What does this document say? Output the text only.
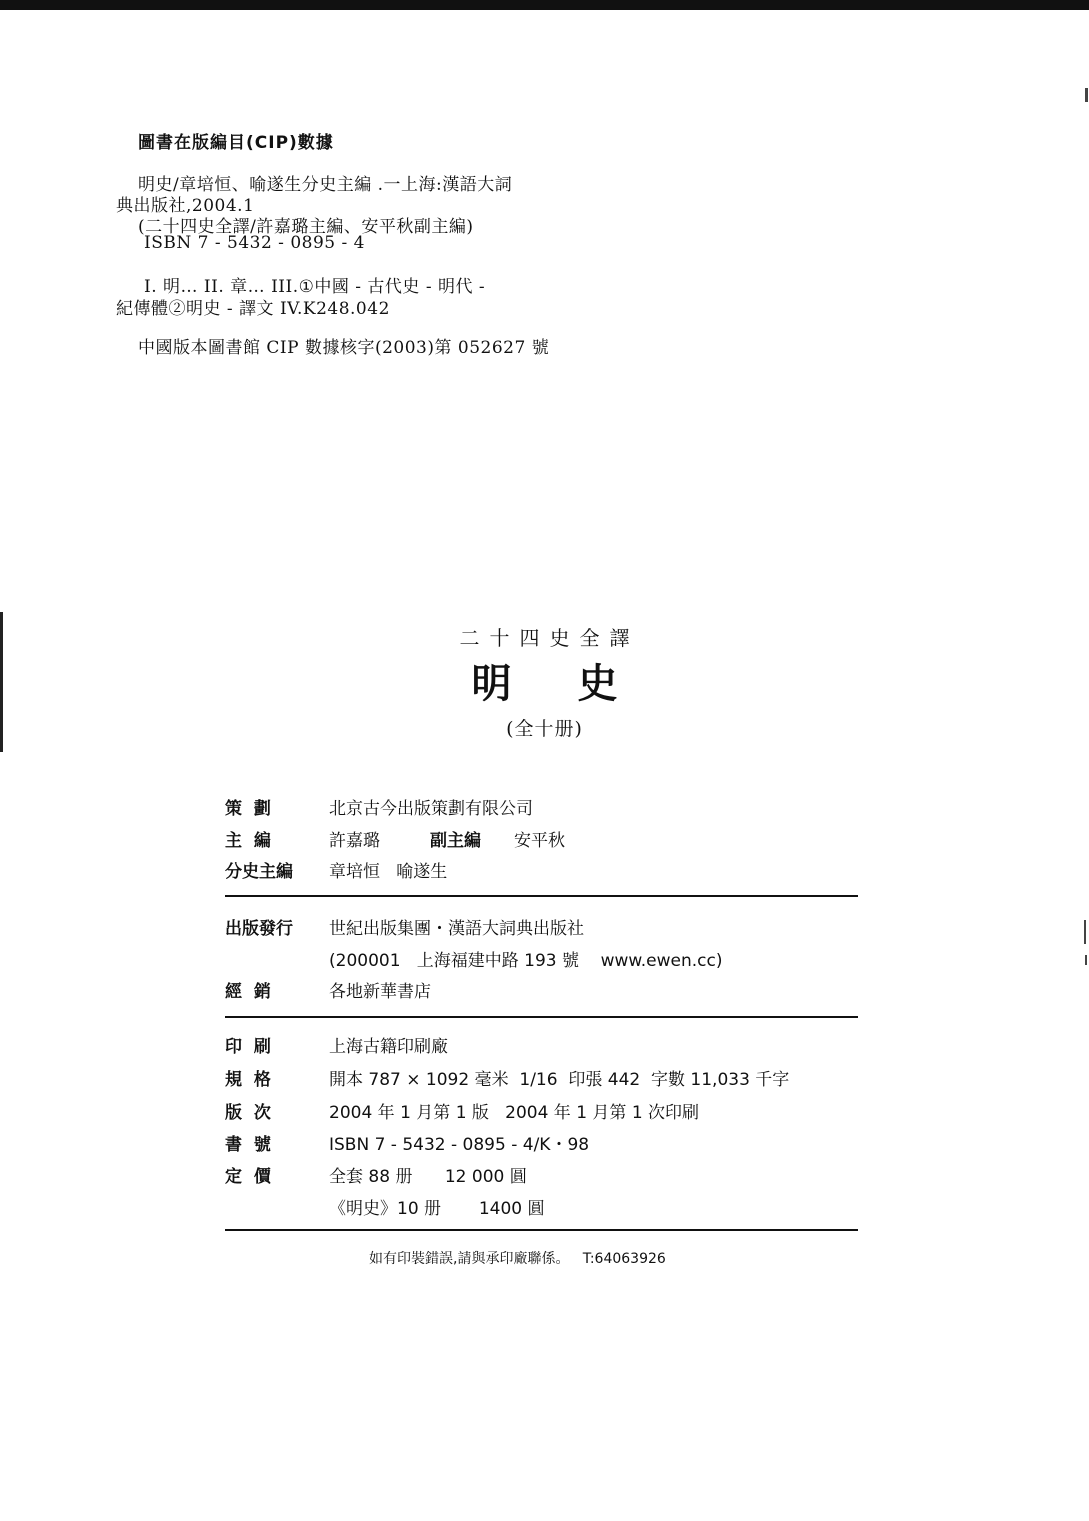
圖書在版編目(CIP)數據
明史/章培恒、喻遂生分史主編 .一上海:漢語大詞
典出版社,2004.1
(二十四史全譯/許嘉璐主編、安平秋副主編)
ISBN 7 - 5432 - 0895 - 4
I. 明… II. 章… III.①中國 - 古代史 - 明代 -
紀傳體②明史 - 譯文 IV.K248.042
中國版本圖書館 CIP 數據核字(2003)第 052627 號
二十四史全譯
明史
(全十册)
策  劃	北京古今出版策劃有限公司
主  編	許嘉璐	副主編 安平秋
分史主編 章培恒   喻遂生
出版發行 世紀出版集團・漢語大詞典出版社
(200001   上海福建中路 193 號    www.ewen.cc)
經  銷	各地新華書店
印  刷	上海古籍印刷廠
規  格	開本 787 × 1092 毫米  1/16  印張 442  字數 11,033 千字
版  次	2004 年 1 月第 1 版   2004 年 1 月第 1 次印刷
書  號	ISBN 7 - 5432 - 0895 - 4/K・98
定  價	全套 88 册      12 000 圓
《明史》10 册       1400 圓
如有印裝錯誤,請與承印廠聯係。   T:64063926
